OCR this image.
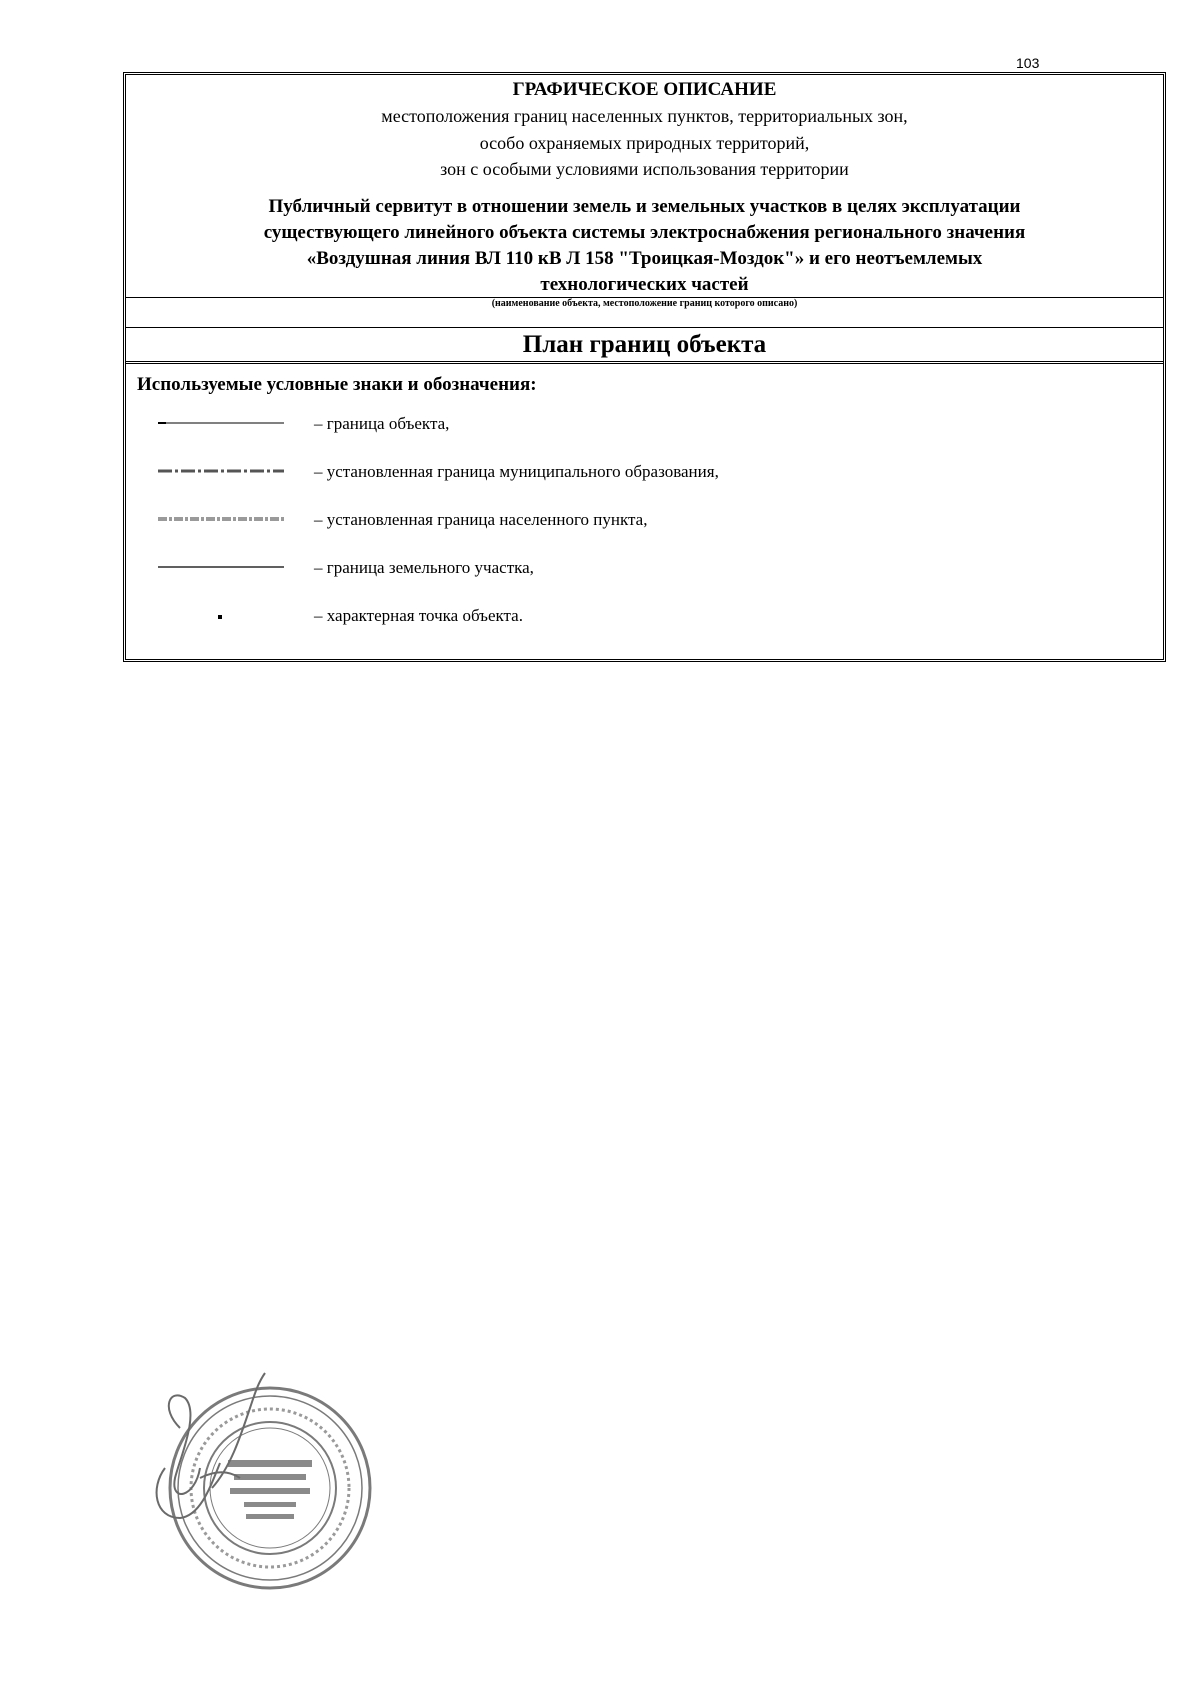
103
ГРАФИЧЕСКОЕ ОПИСАНИЕ
местоположения границ населенных пунктов, территориальных зон,
особо охраняемых природных территорий,
зон с особыми условиями использования территории
Публичный сервитут в отношении земель и земельных участков в целях эксплуатации
существующего линейного объекта системы электроснабжения регионального значения
«Воздушная линия ВЛ 110 кВ Л 158 "Троицкая-Моздок"» и его неотъемлемых
технологических частей
(наименование объекта, местоположение границ которого описано)
План границ объекта
Используемые условные знаки и обозначения:
– граница объекта,
– установленная граница муниципального образования,
– установленная граница населенного пункта,
– граница земельного участка,
– характерная точка объекта.
